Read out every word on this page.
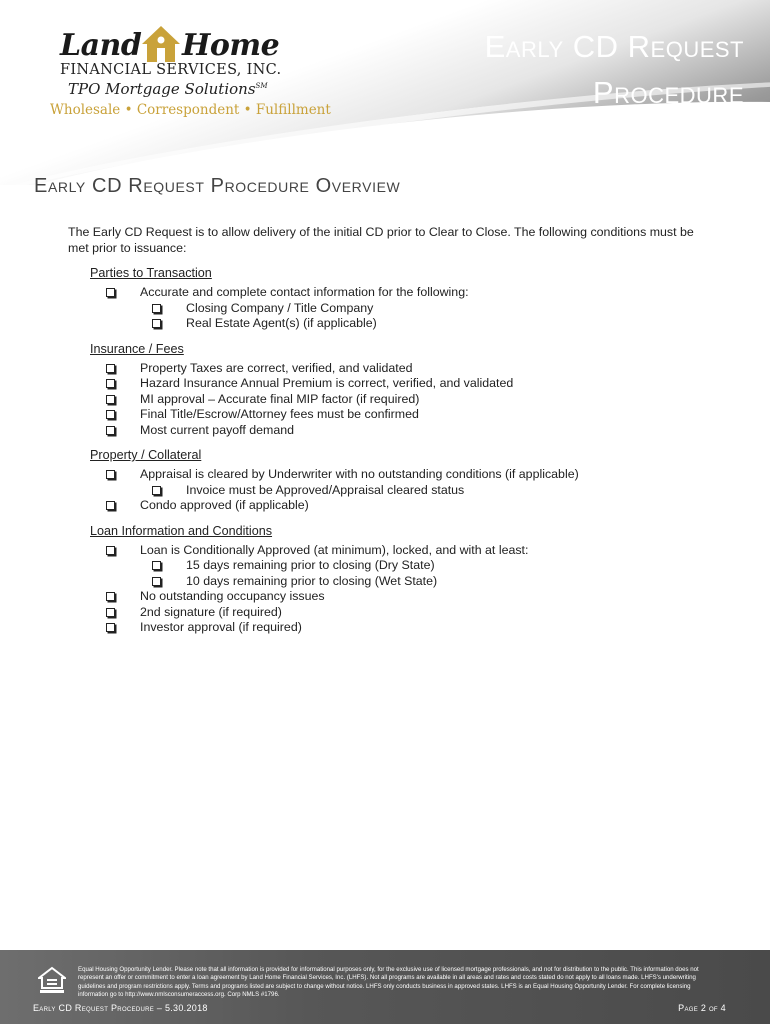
Early CD Request
Procedure
Land Home
FINANCIAL SERVICES, INC.
TPO Mortgage Solutions℠
Wholesale • Correspondent • Fulfillment
Early CD Request Procedure Overview

The Early CD Request is to allow delivery of the initial CD prior to Clear to Close. The following conditions must be met prior to issuance:

Parties to Transaction
Accurate and complete contact information for the following:
Closing Company / Title Company
Real Estate Agent(s) (if applicable)
Insurance / Fees
Property Taxes are correct, verified, and validated
Hazard Insurance Annual Premium is correct, verified, and validated
MI approval – Accurate final MIP factor (if required)
Final Title/Escrow/Attorney fees must be confirmed
Most current payoff demand
Property / Collateral
Appraisal is cleared by Underwriter with no outstanding conditions (if applicable)
Invoice must be Approved/Appraisal cleared status
Condo approved (if applicable)
Loan Information and Conditions
Loan is Conditionally Approved (at minimum), locked, and with at least:
15 days remaining prior to closing (Dry State)
10 days remaining prior to closing (Wet State)
No outstanding occupancy issues
2nd signature (if required)
Investor approval (if required)
Equal Housing Opportunity Lender. Please note that all information is provided for informational purposes only, for the exclusive use of licensed mortgage professionals, and not for distribution to the public. This information does not represent an offer or commitment to enter a loan agreement by Land Home Financial Services, Inc. (LHFS). Not all programs are available in all areas and rates and costs stated do not apply to all loans made. LHFS's underwriting guidelines and program restrictions apply. Terms and programs listed are subject to change without notice. LHFS only conducts business in approved states. LHFS is an Equal Housing Opportunity Lender. For complete licensing information go to http://www.nmlsconsumeraccess.org. Corp NMLS #1796.
Early CD Request Procedure – 5.30.2018	Page 2 of 4
